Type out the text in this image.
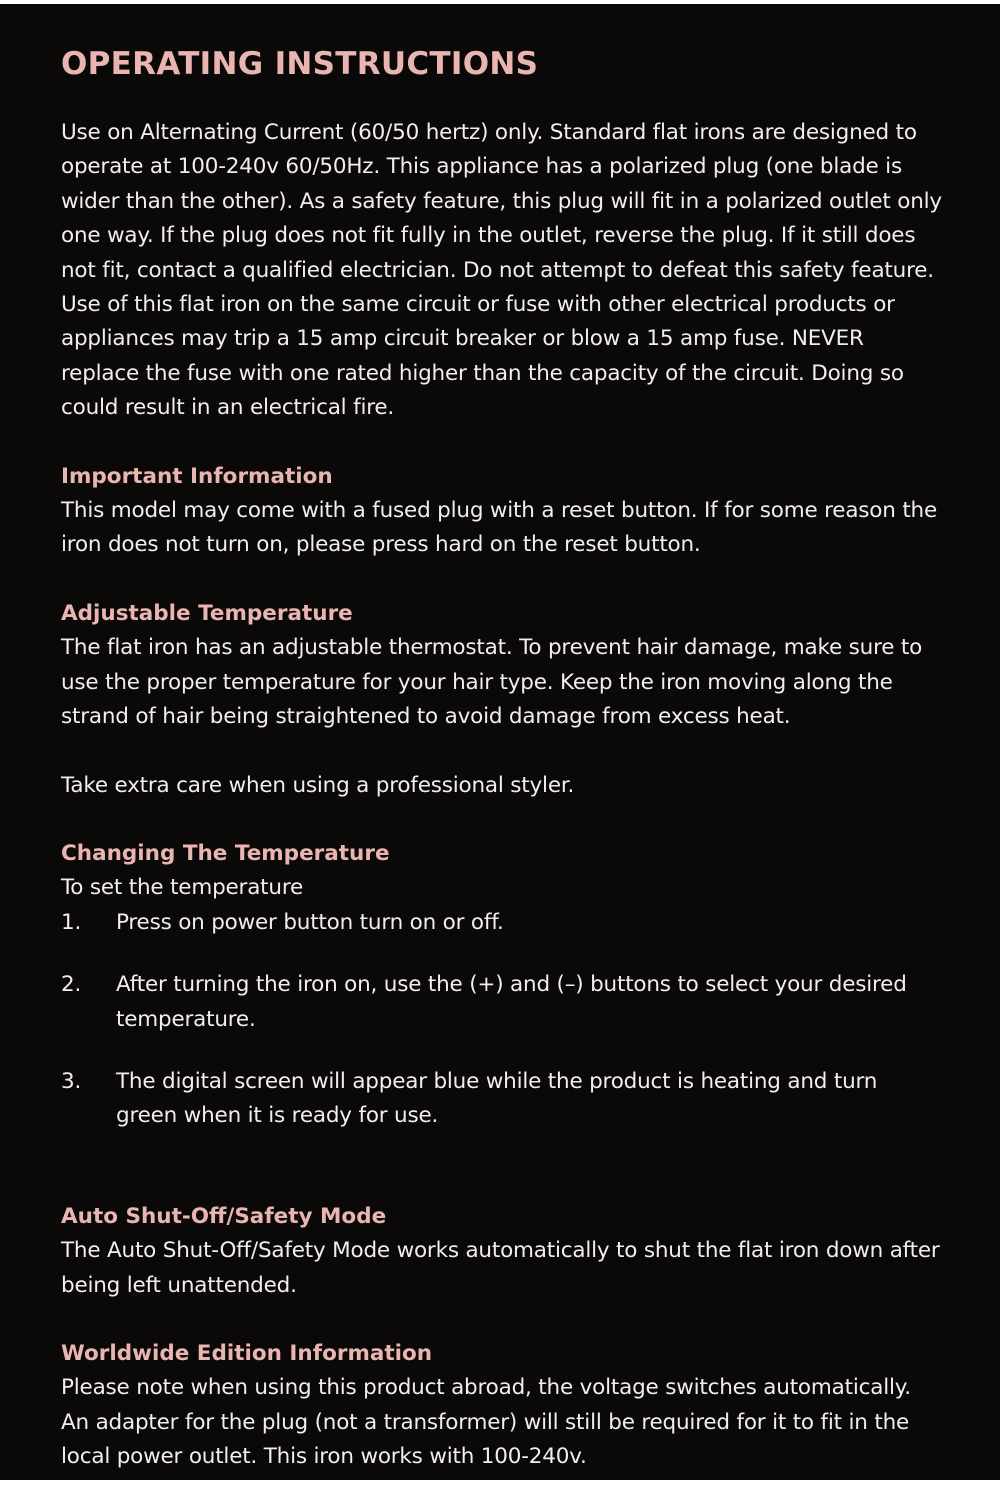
OPERATING INSTRUCTIONS

Use on Alternating Current (60/50 hertz) only. Standard flat irons are designed to operate at 100-240v 60/50Hz. This appliance has a polarized plug (one blade is wider than the other). As a safety feature, this plug will fit in a polarized outlet only one way. If the plug does not fit fully in the outlet, reverse the plug. If it still does not fit, contact a qualified electrician. Do not attempt to defeat this safety feature. Use of this flat iron on the same circuit or fuse with other electrical products or appliances may trip a 15 amp circuit breaker or blow a 15 amp fuse. NEVER replace the fuse with one rated higher than the capacity of the circuit. Doing so could result in an electrical fire.

Important Information

This model may come with a fused plug with a reset button. If for some reason the iron does not turn on, please press hard on the reset button.

Adjustable Temperature

The flat iron has an adjustable thermostat. To prevent hair damage, make sure to use the proper temperature for your hair type. Keep the iron moving along the strand of hair being straightened to avoid damage from excess heat.

Take extra care when using a professional styler.

Changing The Temperature

To set the temperature

1.	Press on power button turn on or off.
2.	After turning the iron on, use the (+) and (–) buttons to select your desired temperature.
3.	The digital screen will appear blue while the product is heating and turn green when it is ready for use.
Auto Shut-Off/Safety Mode

The Auto Shut-Off/Safety Mode works automatically to shut the flat iron down after being left unattended.

Worldwide Edition Information

Please note when using this product abroad, the voltage switches automatically. An adapter for the plug (not a transformer) will still be required for it to fit in the local power outlet. This iron works with 100-240v.
